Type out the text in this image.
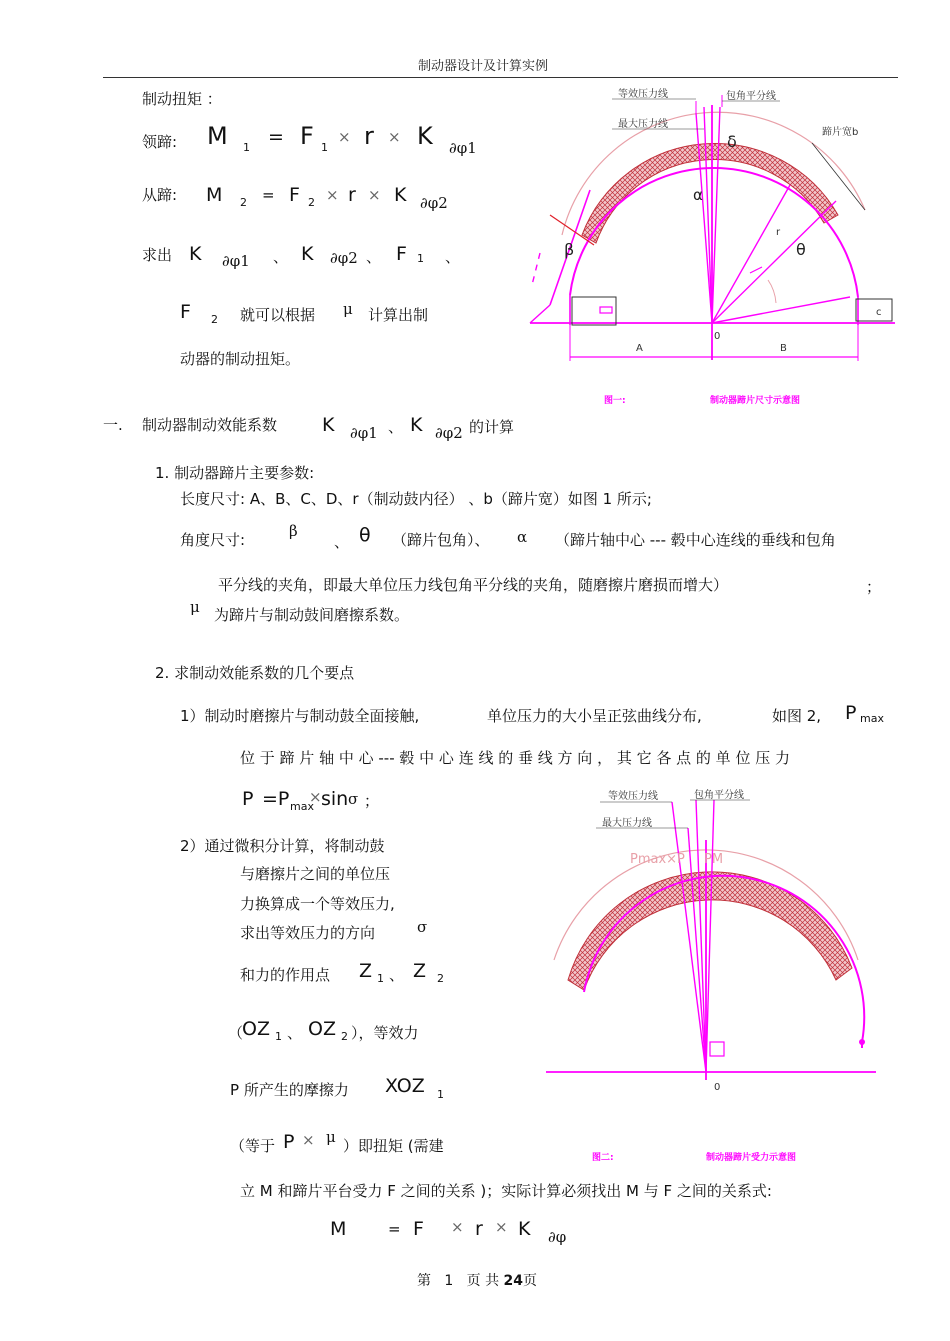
制动器设计及计算实例
制动扭矩 ：
领蹄: M 1 = F 1
× r × K ∂φ1
从蹄: M 2 = F 2 × r × K ∂φ2
求出 K ∂φ1 、 K ∂φ2 、 F 1 、
F 2 就可以根据 μ 计算出制
动器的制动扭矩。
c
A	B
等效压力线	包角平分线
最大压力线
蹄片宽b
δ
α
β	θ
r
0
图一:	制动器蹄片尺寸示意图
一. 制动器制动效能系数 K ∂φ1 、 K ∂φ2 的计算
1. 制动器蹄片主要参数:
长度尺寸: A、B、C、D、r（制动鼓内径） 、b（蹄片宽）如图 1 所示;
角度尺寸:	β
、 θ （蹄片包角）、 α （蹄片轴中心 --- 毂中心连线的垂线和包角
平分线的夹角，即最大单位压力线包角平分线的夹角，随磨擦片磨损而增大）	；
μ 为蹄片与制动鼓间磨擦系数。
2. 求制动效能系数的几个要点
1）制动时磨擦片与制动鼓全面接触,	单位压力的大小呈正弦曲线分布,	如图 2, P max
位 于 蹄 片 轴 中 心 --- 毂 中 心 连 线 的 垂 线 方 向 ， 其 它 各 点 的 单 位 压 力
P =P max
× sin σ ；
2）通过微积分计算，将制动鼓
与磨擦片之间的单位压
力换算成一个等效压力,
求出等效压力的方向	σ
和力的作用点 Z 1 、 Z 2
（
OZ 1 、 OZ 2 ），等效力
P 所产生的摩擦力 XOZ 1
（等于 P × μ ）即扭矩 (需建
立 M 和蹄片平台受力 F 之间的关系 )；实际计算必须找出 M 与 F 之间的关系式:
M	= F × r × K ∂φ
等效压力线	包角平分线
最大压力线
Pmax×P PM
0
图二:	制动器蹄片受力示意图
第 1 页 共 24页
